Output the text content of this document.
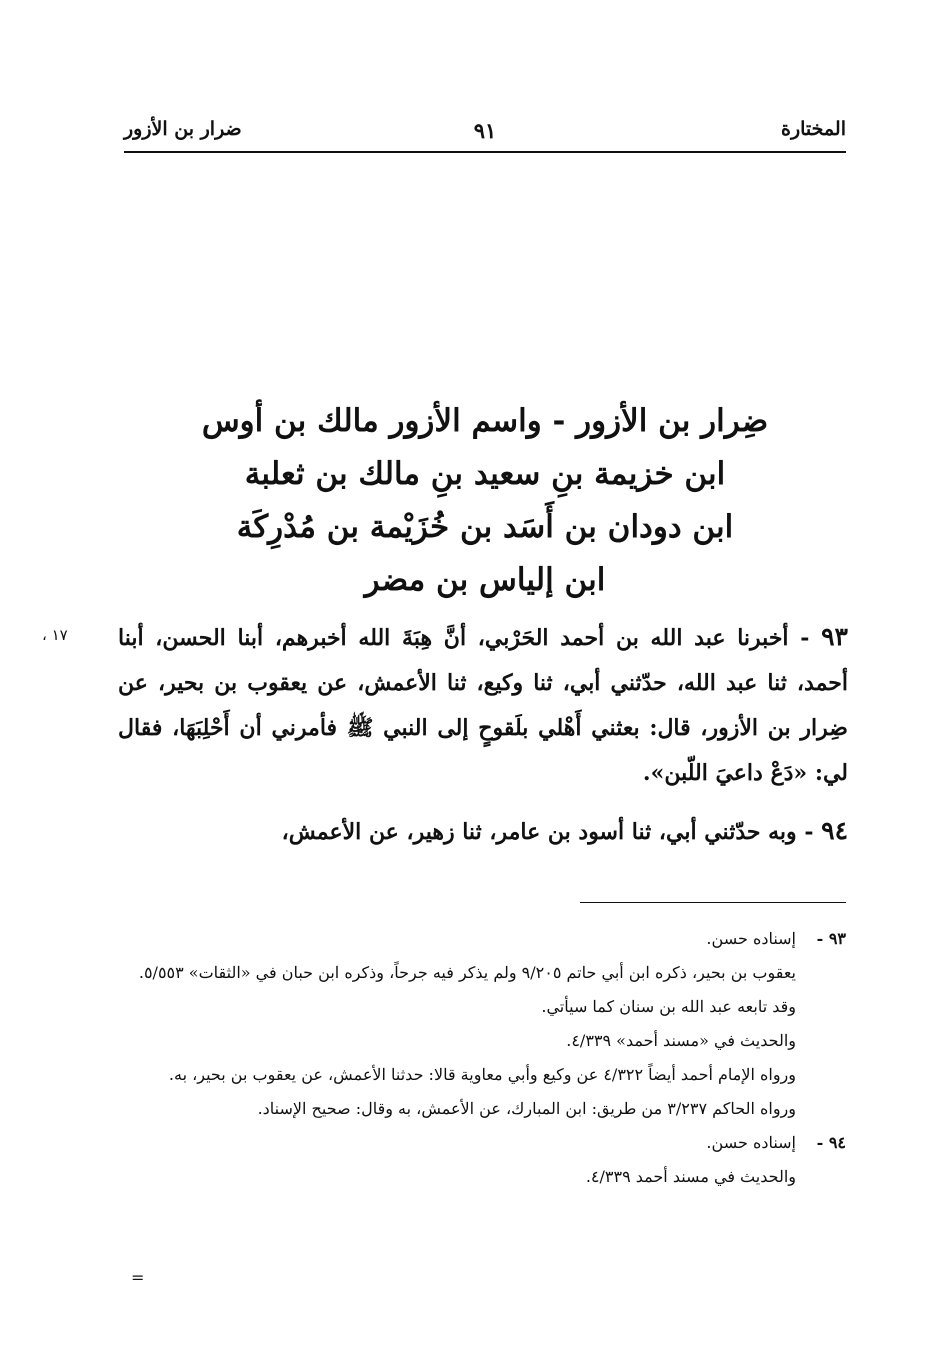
ضرار بن الأزور	٩١	المختارة
ضِرار بن الأزور - واسم الأزور مالك بن أوس
ابن خزيمة بنِ سعيد بنِ مالك بن ثعلبة
ابن دودان بن أَسَد بن خُزَيْمة بن مُدْرِكَة
ابن إلياس بن مضر
١٧ ،	٩٣ - أخبرنا عبد الله بن أحمد الحَرْبي، أنَّ هِبَةَ الله أخبرهم، أبنا الحسن، أبنا أحمد، ثنا عبد الله، حدّثني أبي، ثنا وكيع، ثنا الأعمش، عن يعقوب بن بحير، عن ضِرار بن الأزور، قال: بعثني أَهْلي بلَقوحٍ إلى النبي ﷺ فأمرني أن أَحْلِبَهَا، فقال لي: «دَعْ داعيَ اللّبن».

٩٤ - وبه حدّثني أبي، ثنا أسود بن عامر، ثنا زهير، عن الأعمش،

٩٣ -
إسناده حسن.
يعقوب بن بحير، ذكره ابن أبي حاتم ٩/٢٠٥ ولم يذكر فيه جرحاً، وذكره ابن حبان في «الثقات» ٥/٥٥٣.
وقد تابعه عبد الله بن سنان كما سيأتي.
والحديث في «مسند أحمد» ٤/٣٣٩.
ورواه الإمام أحمد أيضاً ٤/٣٢٢ عن وكيع وأبي معاوية قالا: حدثنا الأعمش، عن يعقوب بن بحير، به.
ورواه الحاكم ٣/٢٣٧ من طريق: ابن المبارك، عن الأعمش، به وقال: صحيح الإسناد.
٩٤ -
إسناده حسن.
والحديث في مسند أحمد ٤/٣٣٩.
=
